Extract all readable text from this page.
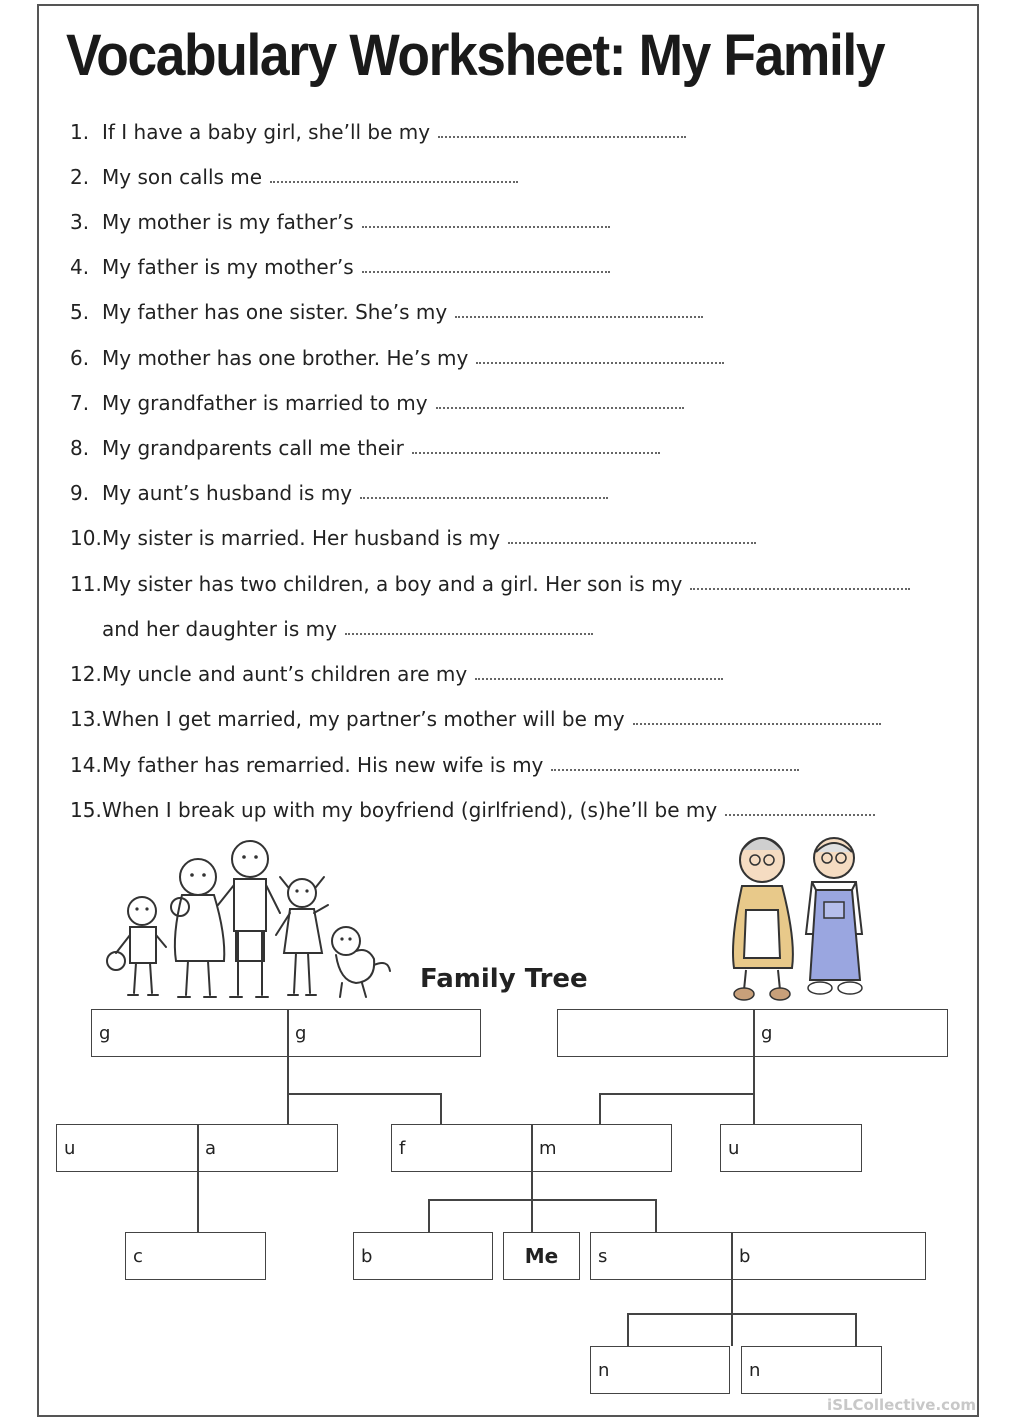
Vocabulary Worksheet: My Family
1. If I have a baby girl, she’ll be my
2. My son calls me
3. My mother is my father’s
4. My father is my mother’s
5. My father has one sister. She’s my
6. My mother has one brother. He’s my
7. My grandfather is married to my
8. My grandparents call me their
9. My aunt’s husband is my
10. My sister is married. Her husband is my
11. My sister has two children, a boy and a girl. Her son is my
and her daughter is my
12. My uncle and aunt’s children are my
13. When I get married, my partner’s mother will be my
14. My father has remarried. His new wife is my
15. When I break up with my boyfriend (girlfriend), (s)he’ll be my
Family Tree
g	g	g
u	a	f	m	u
c	b	Me s	b
n	n
iSLCollective.com
